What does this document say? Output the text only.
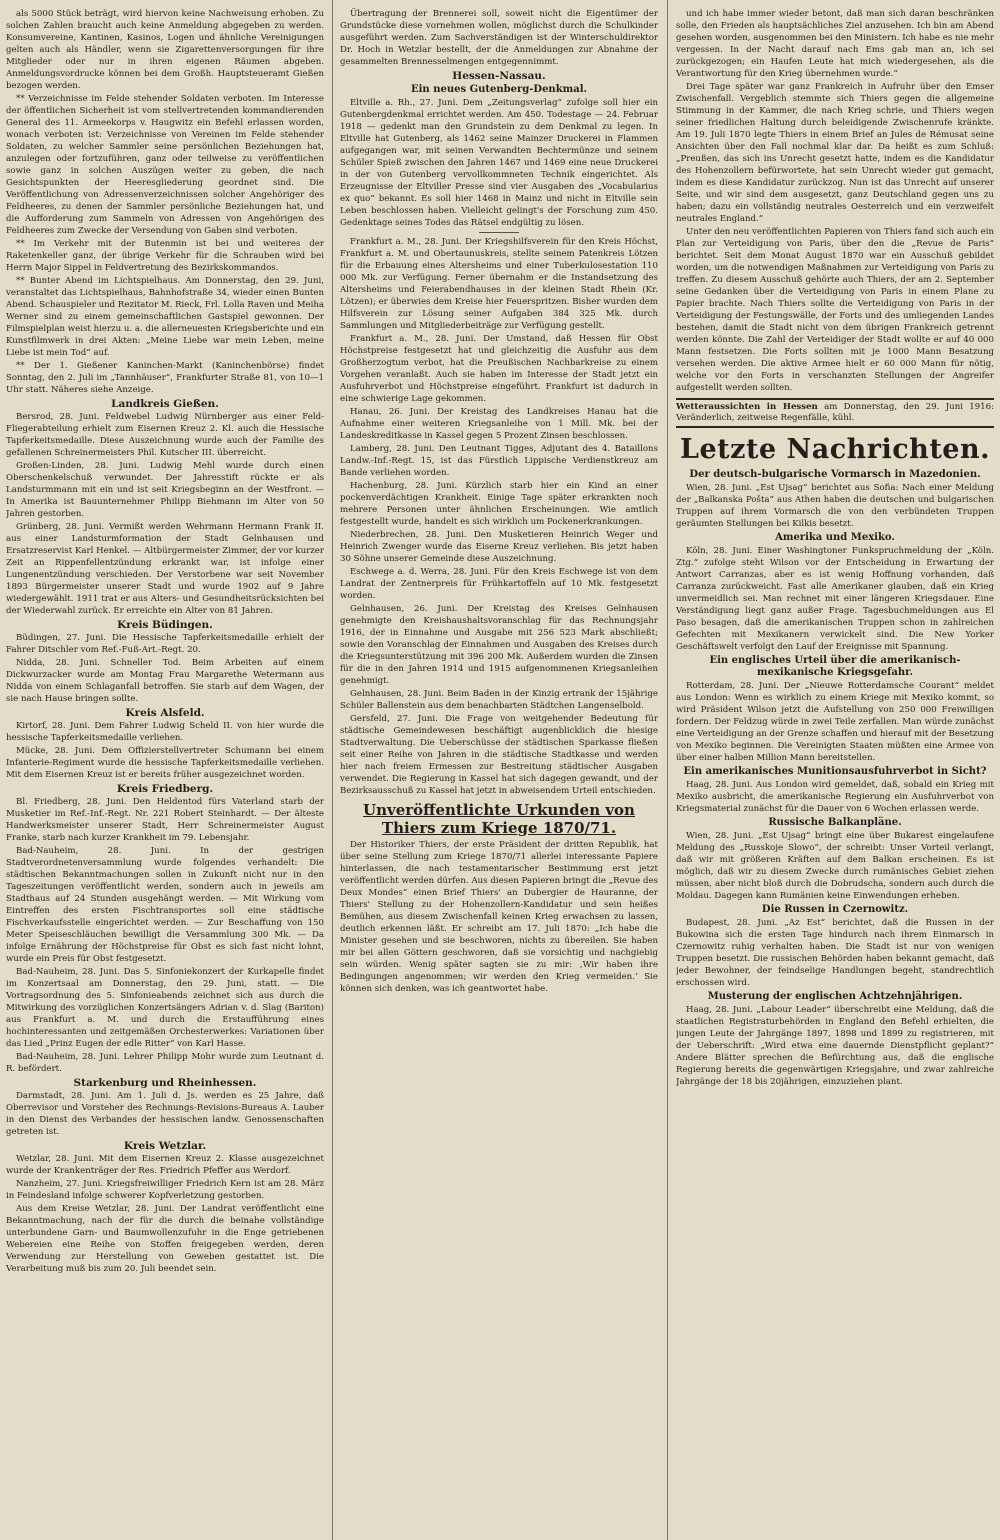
als 5000 Stück beträgt, wird hiervon keine Nachweisung erhoben. Zu solchen Zahlen braucht auch keine Anmeldung abgegeben zu werden. Konsumvereine, Kantinen, Kasinos, Logen und ähnliche Vereinigungen gelten auch als Händler, wenn sie Zigarettenversorgungen für ihre Mitglieder oder nur in ihren eigenen Räumen abgeben. Anmeldungsvordrucke können bei dem Großh. Hauptsteueramt Gießen bezogen werden.

** Verzeichnisse im Felde stehender Soldaten verboten. Im Interesse der öffentlichen Sicherheit ist vom stellvertretenden kommandierenden General des 11. Armeekorps v. Haugwitz ein Befehl erlassen worden, wonach verboten ist: Verzeichnisse von Vereinen im Felde stehender Soldaten, zu welcher Sammler seine persönlichen Beziehungen hat, anzulegen oder fortzuführen, ganz oder teilweise zu veröffentlichen sowie ganz in solchen Auszügen weiter zu geben, die nach Gesichtspunkten der Heeresgliederung geordnet sind. Die Veröffentlichung von Adressenverzeichnissen solcher Angehöriger des Feldheeres, zu denen der Sammler persönliche Beziehungen hat, und die Aufforderung zum Sammeln von Adressen von Angehörigen des Feldheeres zum Zwecke der Versendung von Gaben sind verboten.

** Im Verkehr mit der Butenmin ist bei und weiteres der Raketenkeller ganz, der übrige Verkehr für die Schrauben wird bei Herrn Major Sippel in Feldvertretung des Bezirkskommandos.

** Bunter Abend im Lichtspielhaus. Am Donnerstag, den 29. Juni, veranstaltet das Lichtspielhaus, Bahnhofstraße 34, wieder einen Bunten Abend. Schauspieler und Rezitator M. Rieck, Frl. Lolla Raven und Meiha Werner sind zu einem gemeinschaftlichen Gastspiel gewonnen. Der Filmspielplan weist hierzu u. a. die allerneuesten Kriegsberichte und ein Kunstfilmwerk in drei Akten: „Meine Liebe war mein Leben, meine Liebe ist mein Tod“ auf.

** Der 1. Gießener Kaninchen-Markt (Kaninchenbörse) findet Sonntag, den 2. Juli im „Tannhäuser“, Frankfurter Straße 81, von 10—1 Uhr statt. Näheres siehe Anzeige.

Landkreis Gießen.

Bersrod, 28. Juni. Feldwebel Ludwig Nürnberger aus einer Feld-Fliegerabteilung erhielt zum Eisernen Kreuz 2. Kl. auch die Hessische Tapferkeitsmedaille. Diese Auszeichnung wurde auch der Familie des gefallenen Schreinermeisters Phil. Kutscher III. überreicht.

Großen-Linden, 28. Juni. Ludwig Mehl wurde durch einen Oberschenkelschuß verwundet. Der Jahresstift rückte er als Landsturmmann mit ein und ist seit Kriegsbeginn an der Westfront. — In Amerika ist Bauunternehmer Philipp Biehmann im Alter von 50 Jahren gestorben.

Grünberg, 28. Juni. Vermißt werden Wehrmann Hermann Frank II. aus einer Landsturmformation der Stadt Gelnhausen und Ersatzreservist Karl Henkel. — Altbürgermeister Zimmer, der vor kurzer Zeit an Rippenfellentzündung erkrankt war, ist infolge einer Lungenentzündung verschieden. Der Verstorbene war seit November 1893 Bürgermeister unserer Stadt und wurde 1902 auf 9 Jahre wiedergewählt. 1911 trat er aus Alters- und Gesundheitsrücksichten bei der Wiederwahl zurück. Er erreichte ein Alter von 81 Jahren.

Kreis Büdingen.

Büdingen, 27. Juni. Die Hessische Tapferkeitsmedaille erhielt der Fahrer Ditschler vom Ref.-Fuß-Art.-Regt. 20.

Nidda, 28. Juni. Schneller Tod. Beim Arbeiten auf einem Dickwurzacker wurde am Montag Frau Margarethe Wetermann aus Nidda von einem Schlaganfall betroffen. Sie starb auf dem Wagen, der sie nach Hause bringen sollte.

Kreis Alsfeld.

Kirtorf, 28. Juni. Dem Fahrer Ludwig Scheld II. von hier wurde die hessische Tapferkeitsmedaille verliehen.

Mücke, 28. Juni. Dem Offizierstellvertreter Schumann bei einem Infanterie-Regiment wurde die hessische Tapferkeitsmedaille verliehen. Mit dem Eisernen Kreuz ist er bereits früher ausgezeichnet worden.

Kreis Friedberg.

Bl. Friedberg, 28. Juni. Den Heldentod fürs Vaterland starb der Musketier im Ref.-Inf.-Regt. Nr. 221 Robert Steinhardt. — Der älteste Handwerksmeister unserer Stadt, Herr Schreinermeister August Franke, starb nach kurzer Krankheit im 79. Lebensjahr.

Bad-Nauheim, 28. Juni. In der gestrigen Stadtverordnetenversammlung wurde folgendes verhandelt: Die städtischen Bekanntmachungen sollen in Zukunft nicht nur in den Tageszeitungen veröffentlicht werden, sondern auch in jeweils am Stadthaus auf 24 Stunden ausgehängt werden. — Mit Wirkung vom Eintreffen des ersten Fischtransportes soll eine städtische Fischverkaufsstelle eingerichtet werden. — Zur Beschaffung von 150 Meter Speiseschläuchen bewilligt die Versammlung 300 Mk. — Da infolge Ernährung der Höchstpreise für Obst es sich fast nicht lohnt, wurde ein Preis für Obst festgesetzt.

Bad-Nauheim, 28. Juni. Das 5. Sinfoniekonzert der Kurkapelle findet im Konzertsaal am Donnerstag, den 29. Juni, statt. — Die Vortragsordnung des 5. Sinfonieabends zeichnet sich aus durch die Mitwirkung des vorzüglichen Konzertsängers Adrian v. d. Slag (Bariton) aus Frankfurt a. M. und durch die Erstaufführung eines hochinteressanten und zeitgemäßen Orchesterwerkes: Variationen über das Lied „Prinz Eugen der edle Ritter“ von Karl Hasse.

Bad-Nauheim, 28. Juni. Lehrer Philipp Mohr wurde zum Leutnant d. R. befördert.

Starkenburg und Rheinhessen.

Darmstadt, 28. Juni. Am 1. Juli d. Js. werden es 25 Jahre, daß Oberrevisor und Vorsteher des Rechnungs-Revisions-Bureaus A. Lauber in den Dienst des Verbandes der hessischen landw. Genossenschaften getreten ist.

Kreis Wetzlar.

Wetzlar, 28. Juni. Mit dem Eisernen Kreuz 2. Klasse ausgezeichnet wurde der Krankenträger der Res. Friedrich Pfeffer aus Werdorf.

Nanzheim, 27. Juni. Kriegsfreiwilliger Friedrich Kern ist am 28. März in Feindesland infolge schwerer Kopfverletzung gestorben.

Aus dem Kreise Wetzlar, 28. Juni. Der Landrat veröffentlicht eine Bekanntmachung, nach der für die durch die beinahe vollständige unterbundene Garn- und Baumwollenzufuhr in die Enge getriebenen Webereien eine Reihe von Stoffen freigegeben werden, deren Verwendung zur Herstellung von Geweben gestattet ist. Die Verarbeitung muß bis zum 20. Juli beendet sein.

Übertragung der Brennerei soll, soweit nicht die Eigentümer der Grundstücke diese vornehmen wollen, möglichst durch die Schulkinder ausgeführt werden. Zum Sachverständigen ist der Winterschuldirektor Dr. Hoch in Wetzlar bestellt, der die Anmeldungen zur Abnahme der gesammelten Brennesselmengen entgegennimmt.

Hessen-Nassau.
Ein neues Gutenberg-Denkmal.

Eltville a. Rh., 27. Juni. Dem „Zeitungsverlag“ zufolge soll hier ein Gutenbergdenkmal errichtet werden. Am 450. Todestage — 24. Februar 1918 — gedenkt man den Grundstein zu dem Denkmal zu legen. In Eltville hat Gutenberg, als 1462 seine Mainzer Druckerei in Flammen aufgegangen war, mit seinen Verwandten Bechtermünze und seinem Schüler Spieß zwischen den Jahren 1467 und 1469 eine neue Druckerei in der von Gutenberg vervollkommneten Technik eingerichtet. Als Erzeugnisse der Eltviller Presse sind vier Ausgaben des „Vocabularius ex quo“ bekannt. Es soll hier 1468 in Mainz und nicht in Eltville sein Leben beschlossen haben. Vielleicht gelingt's der Forschung zum 450. Gedenktage seines Todes das Rätsel endgültig zu lösen.

Frankfurt a. M., 28. Juni. Der Kriegshilfsverein für den Kreis Höchst, Frankfurt a. M. und Obertaunuskreis, stellte seinem Patenkreis Lötzen für die Erbauung eines Altersheims und einer Tuberkulosestation 110 000 Mk. zur Verfügung. Ferner übernahm er die Instandsetzung des Altersheims und Feierabendhauses in der kleinen Stadt Rhein (Kr. Lötzen); er überwies dem Kreise hier Feuerspritzen. Bisher wurden dem Hilfsverein zur Lösung seiner Aufgaben 384 325 Mk. durch Sammlungen und Mitgliederbeiträge zur Verfügung gestellt.

Frankfurt a. M., 28. Juni. Der Umstand, daß Hessen für Obst Höchstpreise festgesetzt hat und gleichzeitig die Ausfuhr aus dem Großherzogtum verbot, hat die Preußischen Nachbarkreise zu einem Vorgehen veranlaßt. Auch sie haben im Interesse der Stadt jetzt ein Ausfuhrverbot und Höchstpreise eingeführt. Frankfurt ist dadurch in eine schwierige Lage gekommen.

Hanau, 26. Juni. Der Kreistag des Landkreises Hanau hat die Aufnahme einer weiteren Kriegsanleihe von 1 Mill. Mk. bei der Landeskreditkasse in Kassel gegen 5 Prozent Zinsen beschlossen.

Lamberg, 28. Juni. Den Leutnant Tigges, Adjutant des 4. Bataillons Landw.-Inf.-Regt. 15, ist das Fürstlich Lippische Verdienstkreuz am Bande verliehen worden.

Hachenburg, 28. Juni. Kürzlich starb hier ein Kind an einer pockenverdächtigen Krankheit. Einige Tage später erkrankten noch mehrere Personen unter ähnlichen Erscheinungen. Wie amtlich festgestellt wurde, handelt es sich wirklich um Pockenerkrankungen.

Niederbrechen, 28. Juni. Den Musketieren Heinrich Weger und Heinrich Zwenger wurde das Eiserne Kreuz verliehen. Bis jetzt haben 30 Söhne unserer Gemeinde diese Auszeichnung.

Eschwege a. d. Werra, 28. Juni. Für den Kreis Eschwege ist von dem Landrat der Zentnerpreis für Frühkartoffeln auf 10 Mk. festgesetzt worden.

Gelnhausen, 26. Juni. Der Kreistag des Kreises Gelnhausen genehmigte den Kreishaushaltsvoranschlag für das Rechnungsjahr 1916, der in Einnahme und Ausgabe mit 256 523 Mark abschließt; sowie den Voranschlag der Einnahmen und Ausgaben des Kreises durch die Kriegsunterstützung mit 396 200 Mk. Außerdem wurden die Zinsen für die in den Jahren 1914 und 1915 aufgenommenen Kriegsanleihen genehmigt.

Gelnhausen, 28. Juni. Beim Baden in der Kinzig ertrank der 15jährige Schüler Ballenstein aus dem benachbarten Städtchen Langenselbold.

Gersfeld, 27. Juni. Die Frage von weitgehender Bedeutung für städtische Gemeindewesen beschäftigt augenblicklich die hiesige Stadtverwaltung. Die Ueberschüsse der städtischen Sparkasse fließen seit einer Reihe von Jahren in die städtische Stadtkasse und werden hier nach freiem Ermessen zur Bestreitung städtischer Ausgaben verwendet. Die Regierung in Kassel hat sich dagegen gewandt, und der Bezirksausschuß zu Kassel hat jetzt in abweisendem Urteil entschieden.

Unveröffentlichte Urkunden von Thiers zum Kriege 1870/71.

Der Historiker Thiers, der erste Präsident der dritten Republik, hat über seine Stellung zum Kriege 1870/71 allerlei interessante Papiere hinterlassen, die nach testamentarischer Bestimmung erst jetzt veröffentlicht werden dürfen. Aus diesen Papieren bringt die „Revue des Deux Mondes“ einen Brief Thiers' an Dubergier de Hauranne, der Thiers' Stellung zu der Hohenzollern-Kandidatur und sein heißes Bemühen, aus diesem Zwischenfall keinen Krieg erwachsen zu lassen, deutlich erkennen läßt. Er schreibt am 17. Juli 1870: „Ich habe die Minister gesehen und sie beschworen, nichts zu übereilen. Sie haben mir bei allen Göttern geschworen, daß sie vorsichtig und nachgiebig sein würden. Wenig später sagten sie zu mir: ,Wir haben ihre Bedingungen angenommen; wir werden den Krieg vermeiden.‘ Sie können sich denken, was ich geantwortet habe.

und ich habe immer wieder betont, daß man sich daran beschränken solle, den Frieden als hauptsächliches Ziel anzusehen. Ich bin am Abend gesehen worden, ausgenommen bei den Ministern. Ich habe es nie mehr vergessen. In der Nacht darauf nach Ems gab man an, ich sei zurückgezogen; ein Haufen Leute hat mich wiedergesehen, als die Verantwortung für den Krieg übernehmen wurde.“

Drei Tage später war ganz Frankreich in Aufruhr über den Emser Zwischenfall. Vergeblich stemmte sich Thiers gegen die allgemeine Stimmung in der Kammer, die nach Krieg schrie, und Thiers wegen seiner friedlichen Haltung durch beleidigende Zwischenrufe kränkte. Am 19. Juli 1870 legte Thiers in einem Brief an Jules de Rémusat seine Ansichten über den Fall nochmal klar dar. Da heißt es zum Schluß: „Preußen, das sich ins Unrecht gesetzt hatte, indem es die Kandidatur des Hohenzollern befürwortete, hat sein Unrecht wieder gut gemacht, indem es diese Kandidatur zurückzog. Nun ist das Unrecht auf unserer Seite, und wir sind dem ausgesetzt, ganz Deutschland gegen uns zu haben; dazu ein vollständig neutrales Oesterreich und ein verzweifelt neutrales England.“

Unter den neu veröffentlichten Papieren von Thiers fand sich auch ein Plan zur Verteidigung von Paris, über den die „Revue de Paris“ berichtet. Seit dem Monat August 1870 war ein Ausschuß gebildet worden, um die notwendigen Maßnahmen zur Verteidigung von Paris zu treffen. Zu diesem Ausschuß gehörte auch Thiers, der am 2. September seine Gedanken über die Verteidigung von Paris in einem Plane zu Papier brachte. Nach Thiers sollte die Verteidigung von Paris in der Verteidigung der Festungswälle, der Forts und des umliegenden Landes bestehen, damit die Stadt nicht von dem übrigen Frankreich getrennt werden könnte. Die Zahl der Verteidiger der Stadt wollte er auf 40 000 Mann festsetzen. Die Forts sollten mit je 1000 Mann Besatzung versehen werden. Die aktive Armee hielt er 60 000 Mann für nötig, welche vor den Forts in verschanzten Stellungen der Angreifer aufgestellt werden sollten.

Wetteraussichten in Hessen am Donnerstag, den 29. Juni 1916: Veränderlich, zeitweise Regenfälle, kühl.
Letzte Nachrichten.
Der deutsch-bulgarische Vormarsch in Mazedonien.

Wien, 28. Juni. „Est Ujsag“ berichtet aus Sofia: Nach einer Meldung der „Balkanska Pošta“ aus Athen haben die deutschen und bulgarischen Truppen auf ihrem Vormarsch die von den verbündeten Truppen geräumten Stellungen bei Kilkis besetzt.

Amerika und Mexiko.

Köln, 28. Juni. Einer Washingtoner Funkspruchmeldung der „Köln. Ztg.“ zufolge steht Wilson vor der Entscheidung in Erwartung der Antwort Carranzas, aber es ist wenig Hoffnung vorhanden, daß Carranza zurückweicht. Fast alle Amerikaner glauben, daß ein Krieg unvermeidlich sei. Man rechnet mit einer längeren Kriegsdauer. Eine Verständigung liegt ganz außer Frage. Tagesbuchmeldungen aus El Paso besagen, daß die amerikanischen Truppen schon in zahlreichen Gefechten mit Mexikanern verwickelt sind. Die New Yorker Geschäftswelt verfolgt den Lauf der Ereignisse mit Spannung.

Ein englisches Urteil über die amerikanisch-mexikanische Kriegsgefahr.

Rotterdam, 28. Juni. Der „Nieuwe Rotterdamsche Courant“ meldet aus London: Wenn es wirklich zu einem Kriege mit Mexiko kommt, so wird Präsident Wilson jetzt die Aufstellung von 250 000 Freiwilligen fordern. Der Feldzug würde in zwei Teile zerfallen. Man würde zunächst eine Verteidigung an der Grenze schaffen und hierauf mit der Besetzung von Mexiko beginnen. Die Vereinigten Staaten müßten eine Armee von über einer halben Million Mann bereitstellen.

Ein amerikanisches Munitionsausfuhrverbot in Sicht?

Haag, 28. Juni. Aus London wird gemeldet, daß, sobald ein Krieg mit Mexiko ausbricht, die amerikanische Regierung ein Ausfuhrverbot von Kriegsmaterial zunächst für die Dauer von 6 Wochen erlassen werde.

Russische Balkanpläne.

Wien, 28. Juni. „Est Ujsag“ bringt eine über Bukarest eingelaufene Meldung des „Russkoje Slowo“, der schreibt: Unser Vorteil verlangt, daß wir mit größeren Kräften auf dem Balkan erscheinen. Es ist möglich, daß wir zu diesem Zwecke durch rumänisches Gebiet ziehen müssen, aber nicht bloß durch die Dobrudscha, sondern auch durch die Moldau. Dagegen kann Rumänien keine Einwendungen erheben.

Die Russen in Czernowitz.

Budapest, 28. Juni. „Az Est“ berichtet, daß die Russen in der Bukowina sich die ersten Tage hindurch nach ihrem Einmarsch in Czernowitz ruhig verhalten haben. Die Stadt ist nur von wenigen Truppen besetzt. Die russischen Behörden haben bekannt gemacht, daß jeder Bewohner, der feindselige Handlungen begeht, standrechtlich erschossen wird.

Musterung der englischen Achtzehnjährigen.

Haag, 28. Juni. „Labour Leader“ überschreibt eine Meldung, daß die staatlichen Registraturbehörden in England den Befehl erhielten, die jungen Leute der Jahrgänge 1897, 1898 und 1899 zu registrieren, mit der Ueberschrift: „Wird etwa eine dauernde Dienstpflicht geplant?“ Andere Blätter sprechen die Befürchtung aus, daß die englische Regierung bereits die gegenwärtigen Kriegsjahre, und zwar zahlreiche Jahrgänge der 18 bis 20jährigen, einzuziehen plant.
